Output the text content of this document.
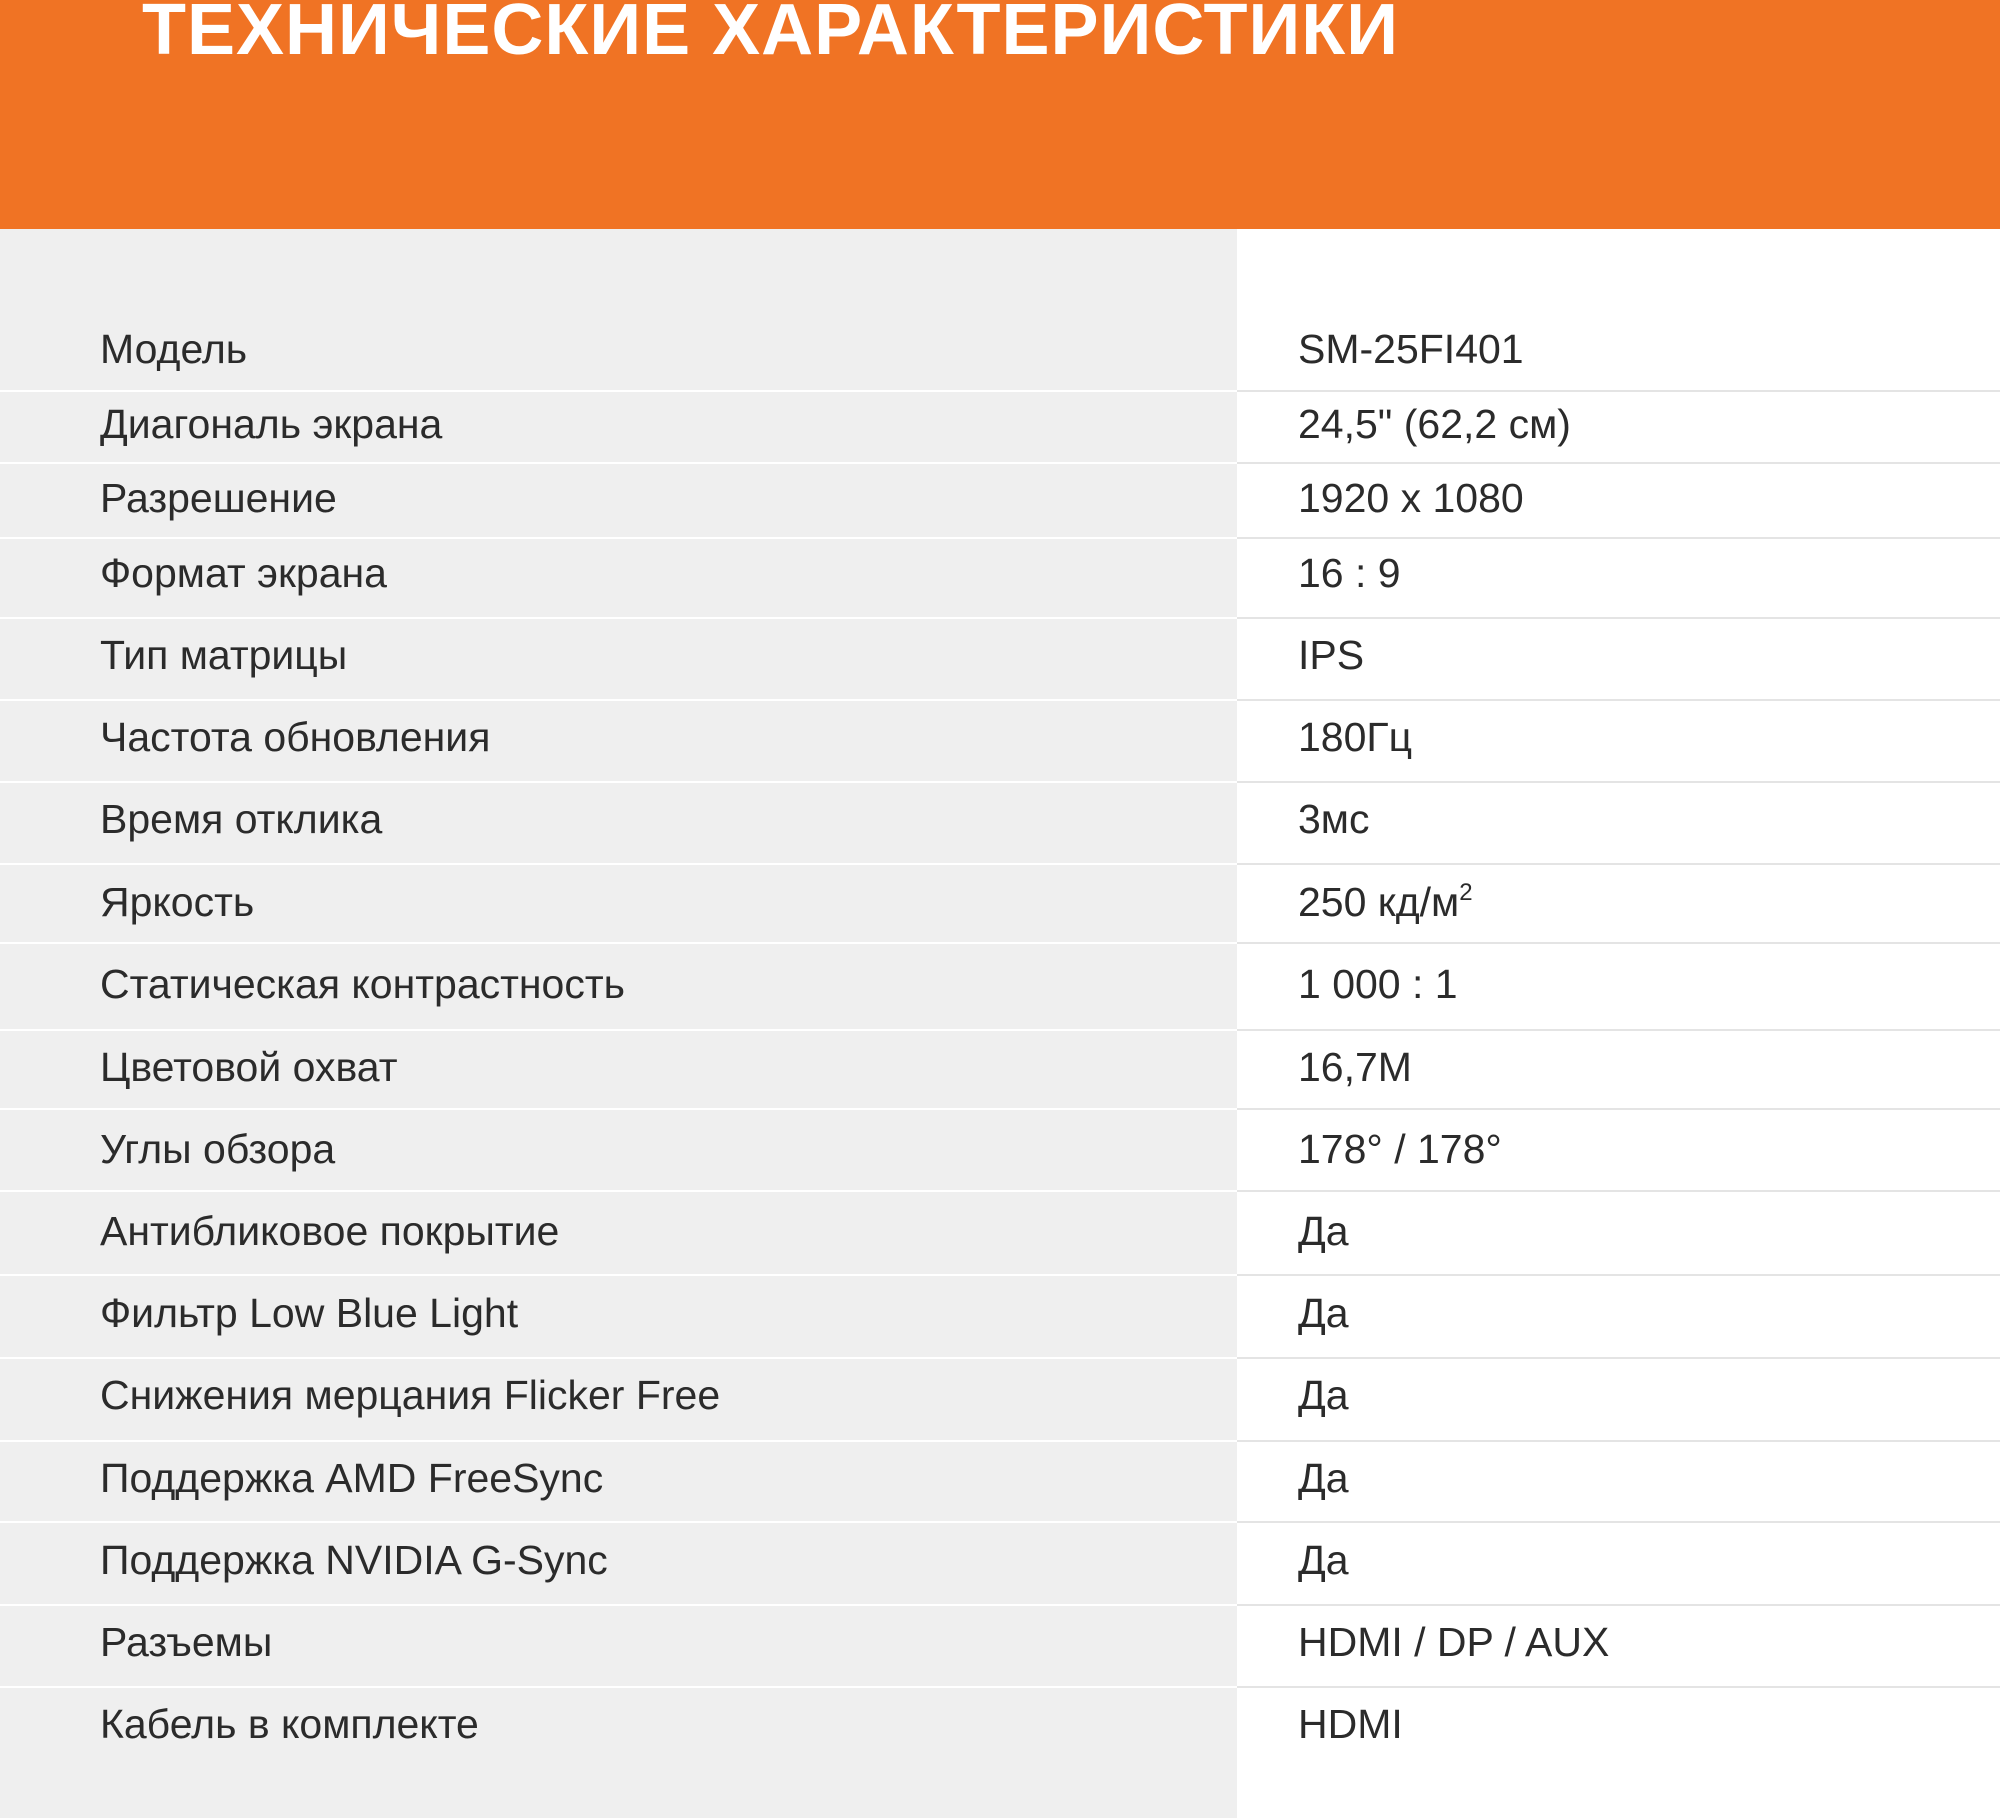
ТЕХНИЧЕСКИЕ ХАРАКТЕРИСТИКИ
Модель	SM-25FI401
Диагональ экрана	24,5" (62,2 см)
Разрешение	1920 x 1080
Формат экрана	16 : 9
Тип матрицы	IPS
Частота обновления	180Гц
Время отклика	3мс
Яркость	250 $кд/м^2$
Статическая контрастность	1 000 : 1
Цветовой охват	16,7M
Углы обзора	178° / 178°
Антибликовое покрытие	Да
Фильтр Low Blue Light	Да
Снижения мерцания Flicker Free	Да
Поддержка AMD FreeSync	Да
Поддержка NVIDIA G-Sync	Да
Разъемы	HDMI / DP / AUX
Кабель в комплекте	HDMI
